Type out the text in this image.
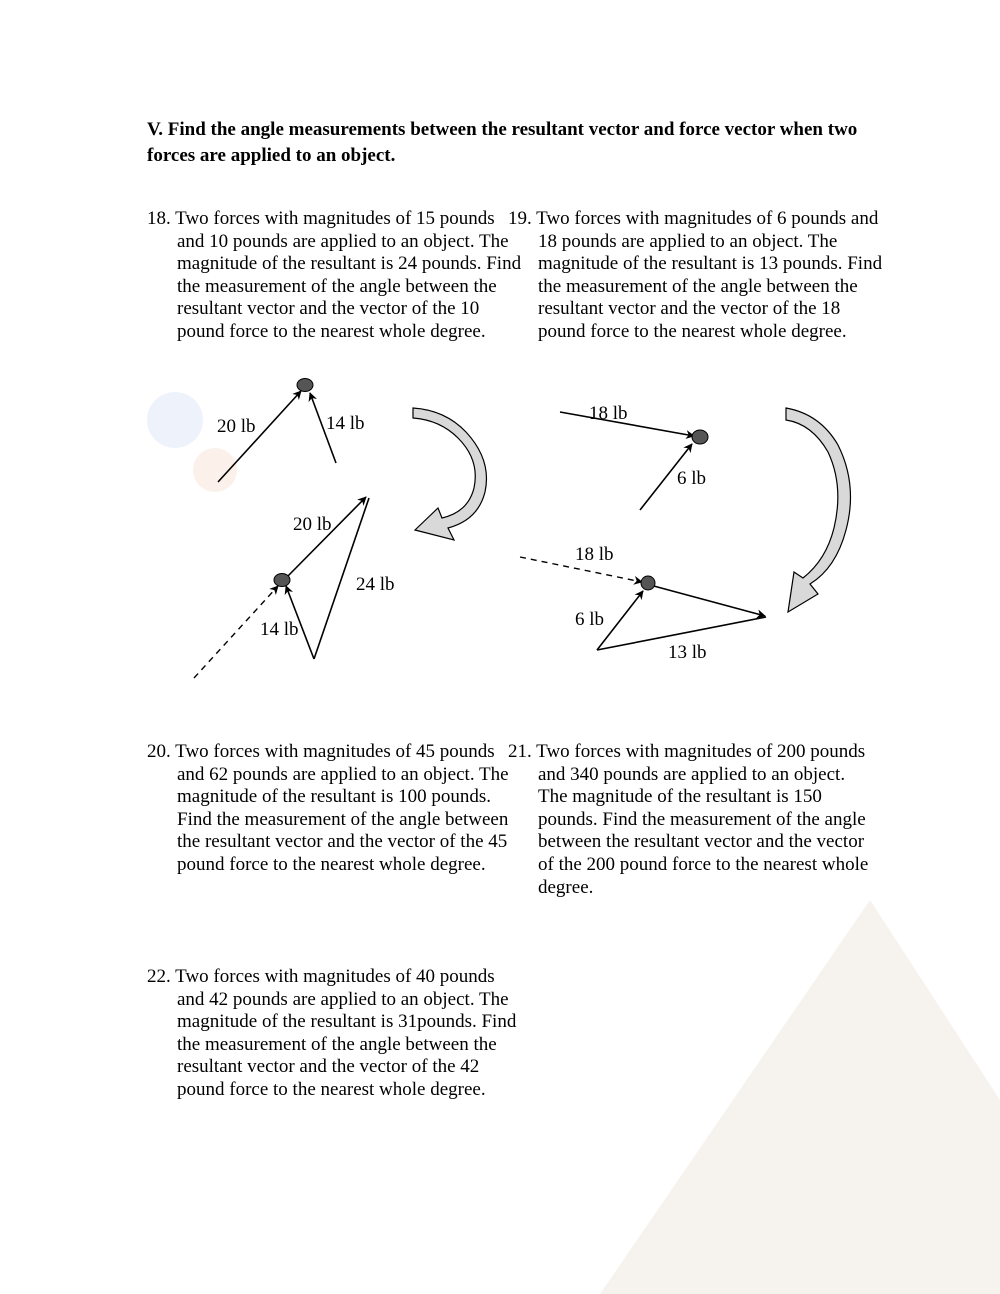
V. Find the angle measurements between the resultant vector and force vector when two forces are applied to an object.
18. Two forces with magnitudes of 15 pounds and 10 pounds are applied to an object. The magnitude of the resultant is 24 pounds. Find the measurement of the angle between the resultant vector and the vector of the 10 pound force to the nearest whole degree.
19. Two forces with magnitudes of 6 pounds and 18 pounds are applied to an object. The magnitude of the resultant is 13 pounds. Find the measurement of the angle between the resultant vector and the vector of the 18 pound force to the nearest whole degree.
20. Two forces with magnitudes of 45 pounds and 62 pounds are applied to an object. The magnitude of the resultant is 100 pounds. Find the measurement of the angle between the resultant vector and the vector of the 45 pound force to the nearest whole degree.
21. Two forces with magnitudes of 200 pounds and 340 pounds are applied to an object. The magnitude of the resultant is 150 pounds. Find the measurement of the angle between the resultant vector and the vector of the 200 pound force to the nearest whole degree.
22. Two forces with magnitudes of 40 pounds and 42 pounds are applied to an object. The magnitude of the resultant is 31pounds. Find the measurement of the angle between the resultant vector and the vector of the 42 pound force to the nearest whole degree.
20 lb	14 lb
20 lb
24 lb
14 lb
18 lb
6 lb
18 lb
6 lb
13 lb
